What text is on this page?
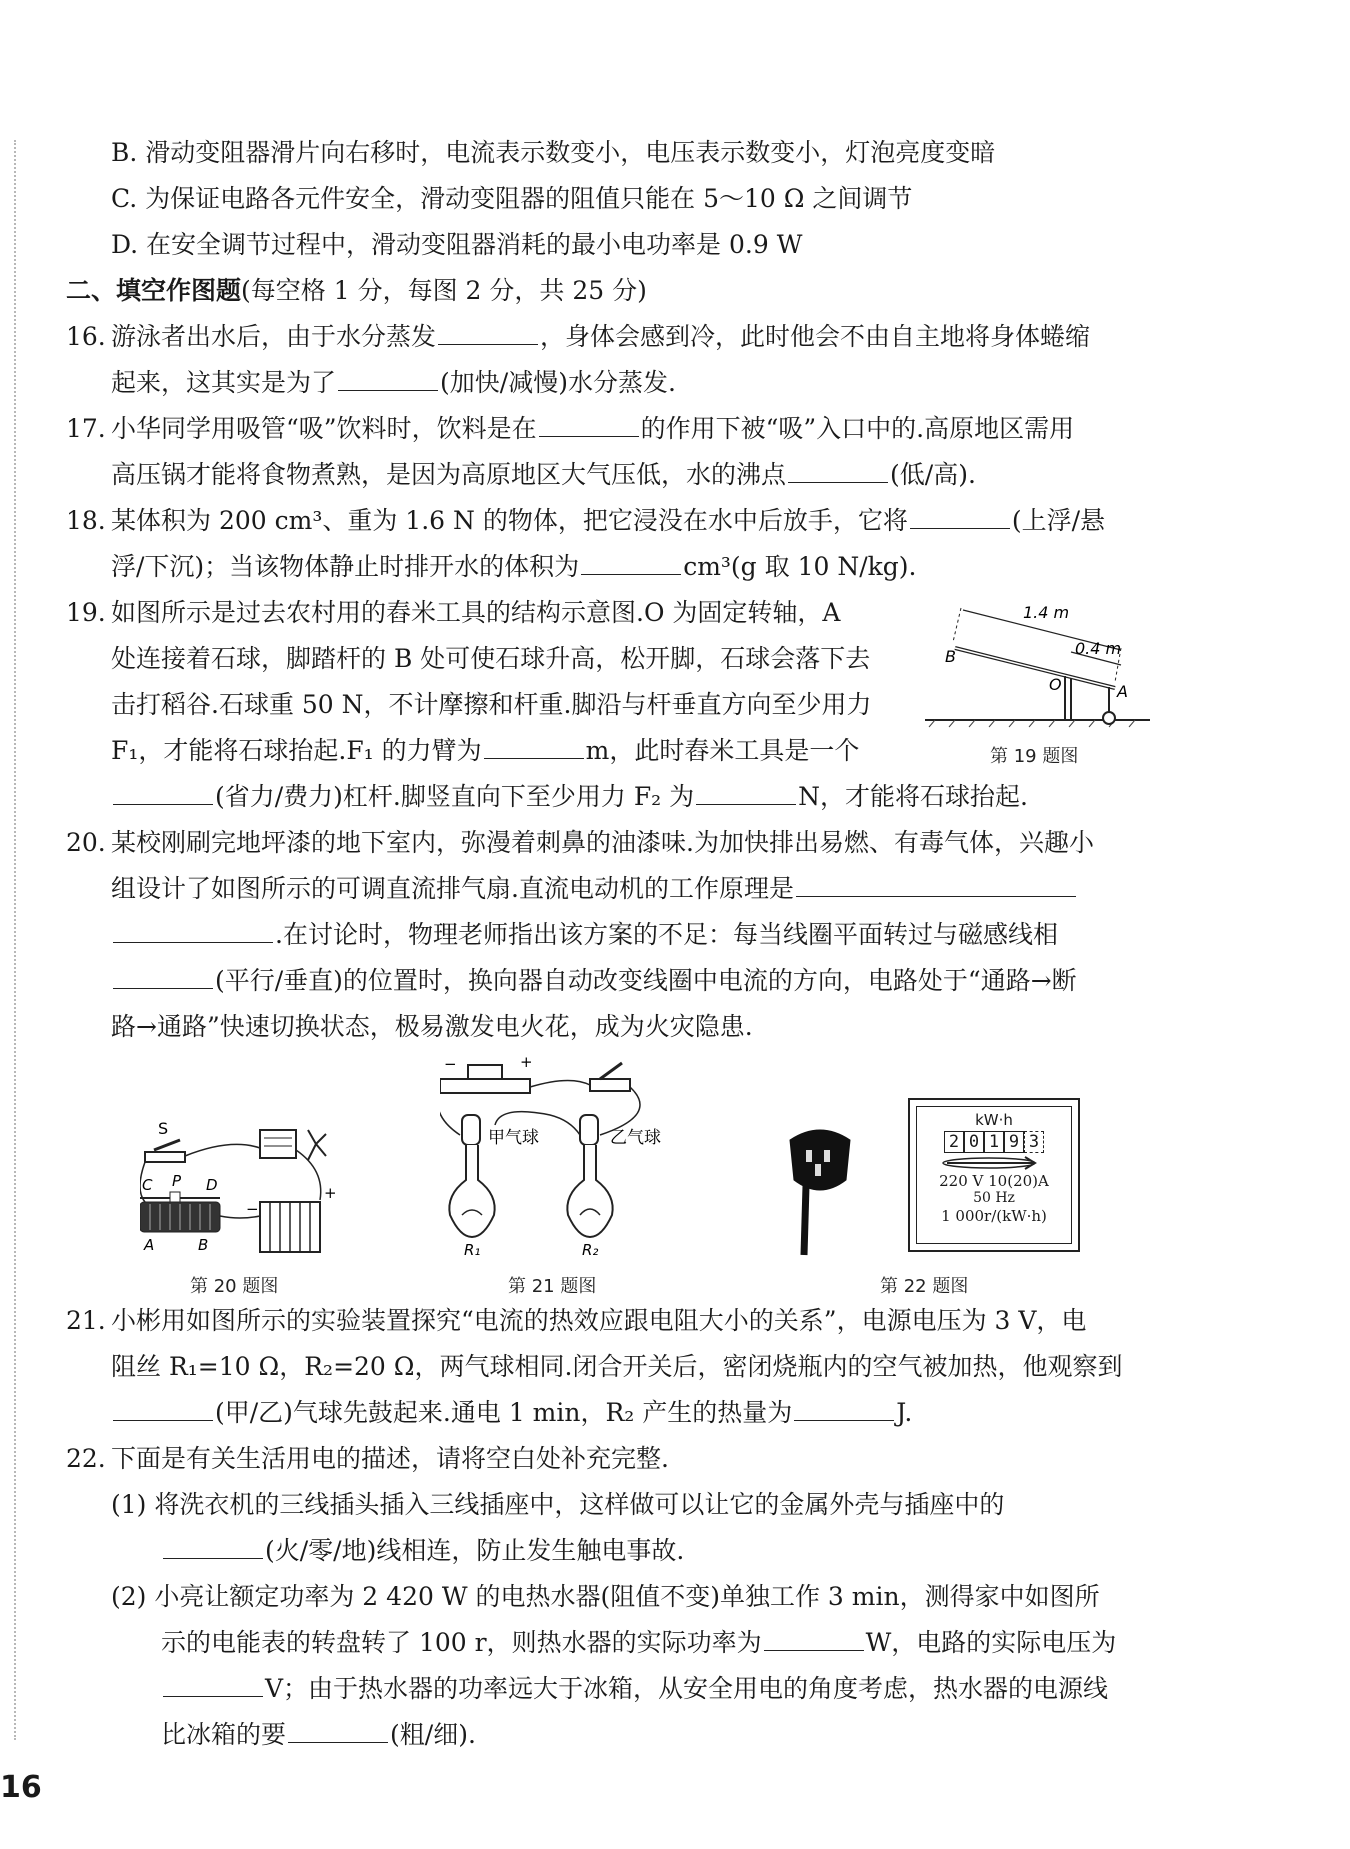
B. 滑动变阻器滑片向右移时，电流表示数变小，电压表示数变小，灯泡亮度变暗
C. 为保证电路各元件安全，滑动变阻器的阻值只能在 5～10 Ω 之间调节
D. 在安全调节过程中，滑动变阻器消耗的最小电功率是 0.9 W
二、填空作图题(每空格 1 分，每图 2 分，共 25 分)
16. 游泳者出水后，由于水分蒸发	，身体会感到冷，此时他会不由自主地将身体蜷缩
起来，这其实是为了	(加快/减慢)水分蒸发.
17. 小华同学用吸管“吸”饮料时，饮料是在	的作用下被“吸”入口中的.高原地区需用
高压锅才能将食物煮熟，是因为高原地区大气压低，水的沸点	(低/高).
18. 某体积为 200 cm³、重为 1.6 N 的物体，把它浸没在水中后放手，它将	(上浮/悬
浮/下沉)；当该物体静止时排开水的体积为	cm³(g 取 10 N/kg).
19. 如图所示是过去农村用的舂米工具的结构示意图.O 为固定转轴，A
处连接着石球，脚踏杆的 B 处可使石球升高，松开脚，石球会落下去
击打稻谷.石球重 50 N，不计摩擦和杆重.脚沿与杆垂直方向至少用力
F₁，才能将石球抬起.F₁ 的力臂为	m，此时舂米工具是一个
(省力/费力)杠杆.脚竖直向下至少用力 F₂ 为	N，才能将石球抬起.
20. 某校刚刷完地坪漆的地下室内，弥漫着刺鼻的油漆味.为加快排出易燃、有毒气体，兴趣小
组设计了如图所示的可调直流排气扇.直流电动机的工作原理是
.在讨论时，物理老师指出该方案的不足：每当线圈平面转过与磁感线相
(平行/垂直)的位置时，换向器自动改变线圈中电流的方向，电路处于“通路→断
路→通路”快速切换状态，极易激发电火花，成为火灾隐患.
1.4 m
0.4 m
B
O	A
第 19 题图
S
C P D
A	B
−
+
第 20 题图
−	+
甲气球	乙气球
R₁	R₂
第 21 题图
kW·h
2 0 1 9 3
220 V 10(20)A
50 Hz
1 000r/(kW·h)
第 22 题图
21. 小彬用如图所示的实验装置探究“电流的热效应跟电阻大小的关系”，电源电压为 3 V，电
阻丝 R₁=10 Ω，R₂=20 Ω，两气球相同.闭合开关后，密闭烧瓶内的空气被加热，他观察到
(甲/乙)气球先鼓起来.通电 1 min，R₂ 产生的热量为	J.
22. 下面是有关生活用电的描述，请将空白处补充完整.
(1) 将洗衣机的三线插头插入三线插座中，这样做可以让它的金属外壳与插座中的
(火/零/地)线相连，防止发生触电事故.
(2) 小亮让额定功率为 2 420 W 的电热水器(阻值不变)单独工作 3 min，测得家中如图所
示的电能表的转盘转了 100 r，则热水器的实际功率为	W，电路的实际电压为
V；由于热水器的功率远大于冰箱，从安全用电的角度考虑，热水器的电源线
比冰箱的要	(粗/细).
16
